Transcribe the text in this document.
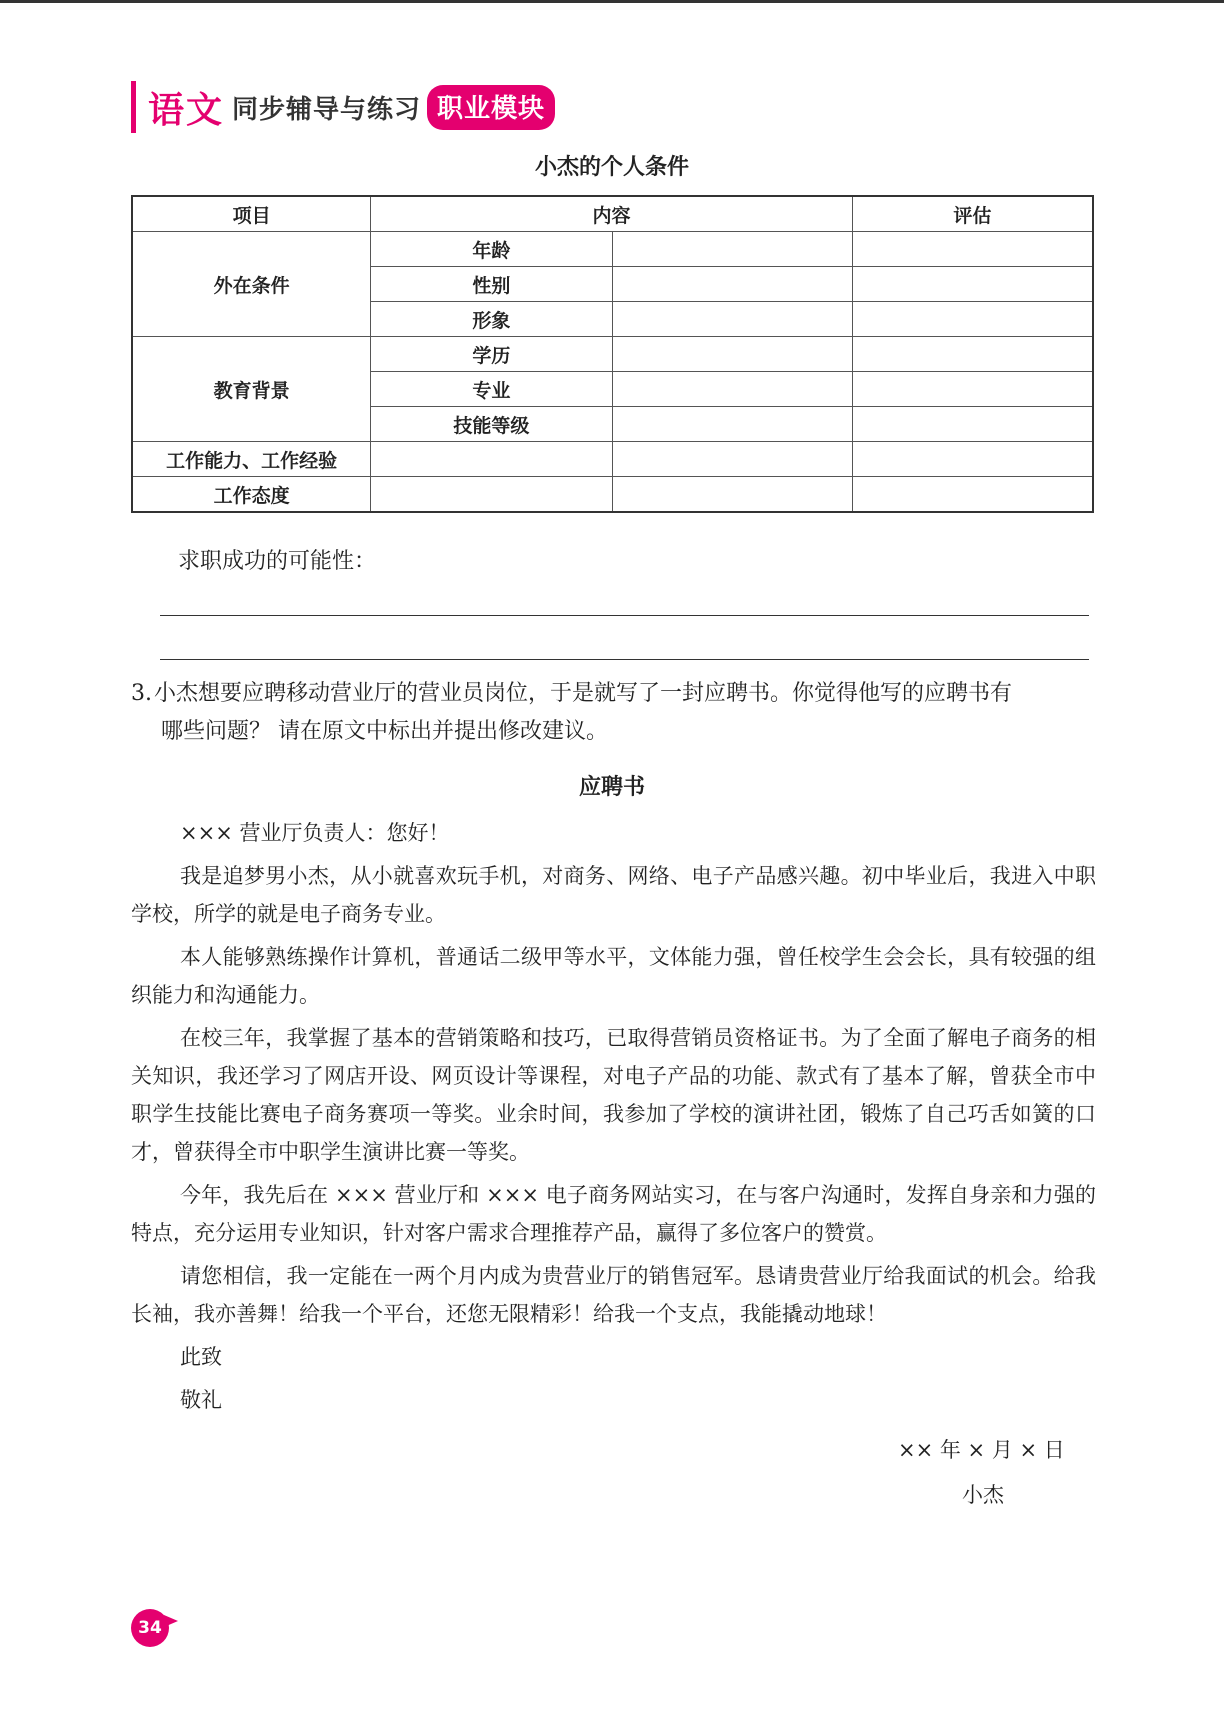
语文 同步辅导与练习 职业模块
小杰的个人条件
项目	内容		评估
外在条件	年龄		
	性别		
	形象		
教育背景	学历		
	专业		
	技能等级		
工作能力、工作经验			
工作态度			
求职成功的可能性：
3.小杰想要应聘移动营业厅的营业员岗位，于是就写了一封应聘书。你觉得他写的应聘书有
哪些问题？ 请在原文中标出并提出修改建议。
应聘书

××× 营业厅负责人：您好！

我是追梦男小杰，从小就喜欢玩手机，对商务、网络、电子产品感兴趣。初中毕业后，我进入中职学校，所学的就是电子商务专业。

本人能够熟练操作计算机，普通话二级甲等水平，文体能力强，曾任校学生会会长，具有较强的组织能力和沟通能力。

在校三年，我掌握了基本的营销策略和技巧，已取得营销员资格证书。为了全面了解电子商务的相关知识，我还学习了网店开设、网页设计等课程，对电子产品的功能、款式有了基本了解，曾获全市中职学生技能比赛电子商务赛项一等奖。业余时间，我参加了学校的演讲社团，锻炼了自己巧舌如簧的口才，曾获得全市中职学生演讲比赛一等奖。

今年，我先后在 ××× 营业厅和 ××× 电子商务网站实习，在与客户沟通时，发挥自身亲和力强的特点，充分运用专业知识，针对客户需求合理推荐产品，赢得了多位客户的赞赏。

请您相信，我一定能在一两个月内成为贵营业厅的销售冠军。恳请贵营业厅给我面试的机会。给我长袖，我亦善舞！给我一个平台，还您无限精彩！给我一个支点，我能撬动地球！

此致

敬礼

×× 年 × 月 × 日
小杰
34
